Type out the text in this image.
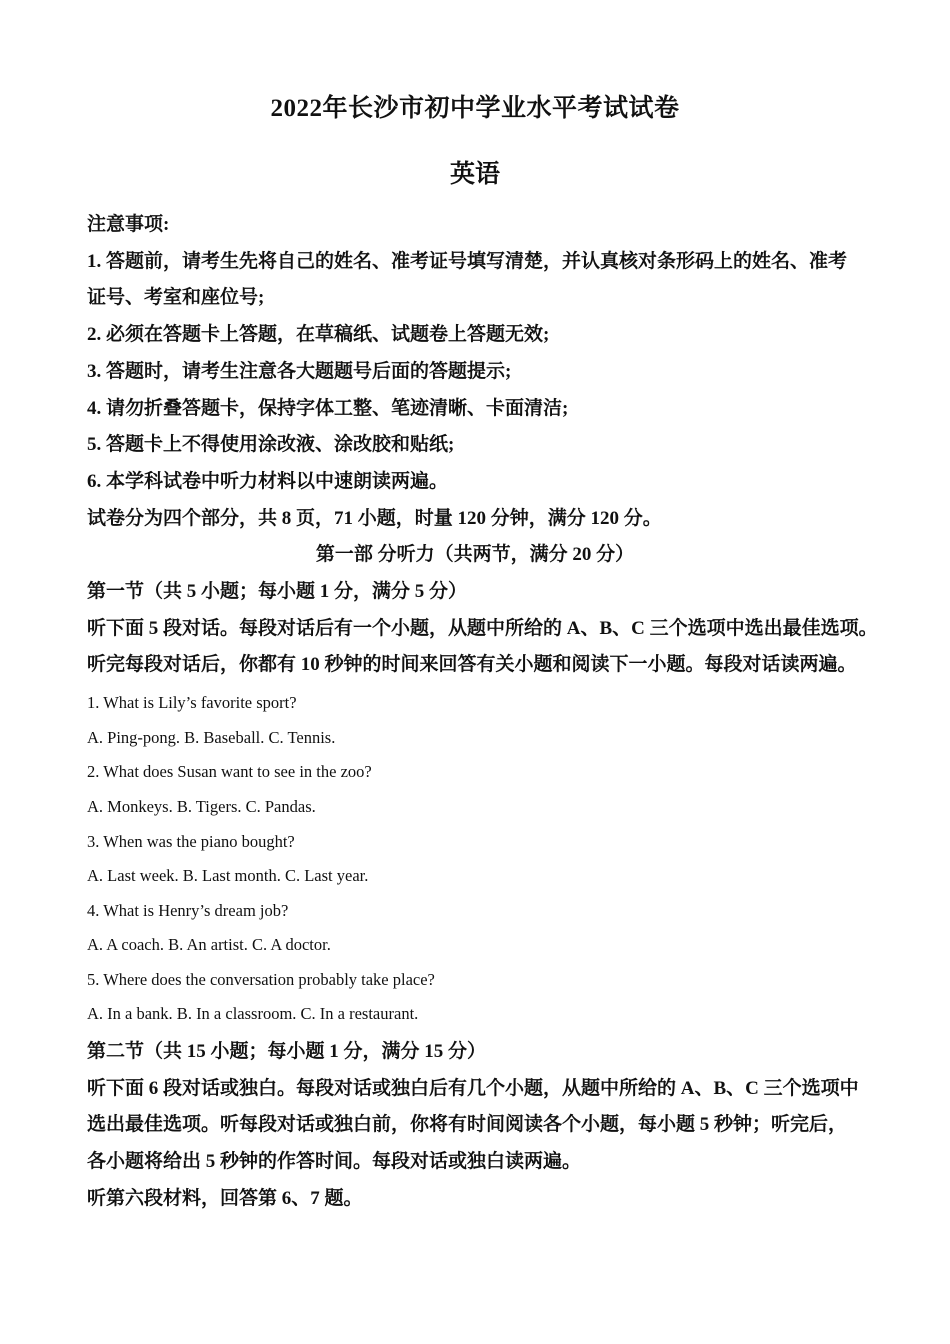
2022年长沙市初中学业水平考试试卷
英语
注意事项:
1. 答题前，请考生先将自己的姓名、准考证号填写清楚，并认真核对条形码上的姓名、准考
证号、考室和座位号;
2. 必须在答题卡上答题，在草稿纸、试题卷上答题无效;
3. 答题时，请考生注意各大题题号后面的答题提示;
4. 请勿折叠答题卡，保持字体工整、笔迹清晰、卡面清洁;
5. 答题卡上不得使用涂改液、涂改胶和贴纸;
6. 本学科试卷中听力材料以中速朗读两遍。
试卷分为四个部分，共 8 页，71 小题，时量 120 分钟，满分 120 分。
第一部 分听力（共两节，满分 20 分）
第一节（共 5 小题；每小题 1 分，满分 5 分）
听下面 5 段对话。每段对话后有一个小题，从题中所给的 A、B、C 三个选项中选出最佳选项。
听完每段对话后，你都有 10 秒钟的时间来回答有关小题和阅读下一小题。每段对话读两遍。
1. What is Lily’s favorite sport?
A. Ping-pong. B. Baseball. C. Tennis.
2. What does Susan want to see in the zoo?
A. Monkeys. B. Tigers. C. Pandas.
3. When was the piano bought?
A. Last week. B. Last month. C. Last year.
4. What is Henry’s dream job?
A. A coach. B. An artist. C. A doctor.
5. Where does the conversation probably take place?
A. In a bank. B. In a classroom. C. In a restaurant.
第二节（共 15 小题；每小题 1 分，满分 15 分）
听下面 6 段对话或独白。每段对话或独白后有几个小题，从题中所给的 A、B、C 三个选项中
选出最佳选项。听每段对话或独白前，你将有时间阅读各个小题，每小题 5 秒钟；听完后，
各小题将给出 5 秒钟的作答时间。每段对话或独白读两遍。
听第六段材料，回答第 6、7 题。
